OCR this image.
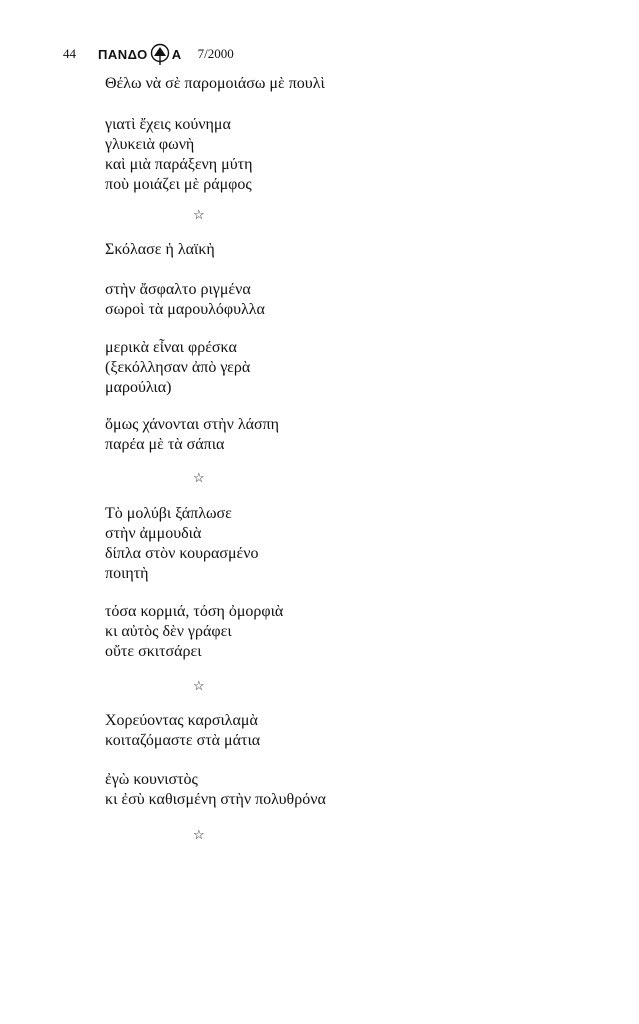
44 ΠΑΝΔΟ Α 7/2000
Θέλω νὰ σὲ παρομοιάσω μὲ πουλὶ
γιατὶ ἔχεις κούνημα
γλυκειὰ φωνὴ
καὶ μιὰ παράξενη μύτη
ποὺ μοιάζει μὲ ράμφος
☆
Σκόλασε ἡ λαϊκὴ
στὴν ἄσφαλτο ριγμένα
σωροὶ τὰ μαρουλόφυλλα
μερικὰ εἶναι φρέσκα
(ξεκόλλησαν ἀπὸ γερὰ
μαρούλια)
ὅμως χάνονται στὴν λάσπη
παρέα μὲ τὰ σάπια
☆
Τὸ μολύβι ξάπλωσε
στὴν ἀμμουδιὰ
δίπλα στὸν κουρασμένο
ποιητὴ
τόσα κορμιά, τόση ὀμορφιὰ
κι αὐτὸς δὲν γράφει
οὔτε σκιτσάρει
☆
Χορεύοντας καρσιλαμὰ
κοιταζόμαστε στὰ μάτια
ἐγὼ κουνιστὸς
κι ἐσὺ καθισμένη στὴν πολυθρόνα
☆
